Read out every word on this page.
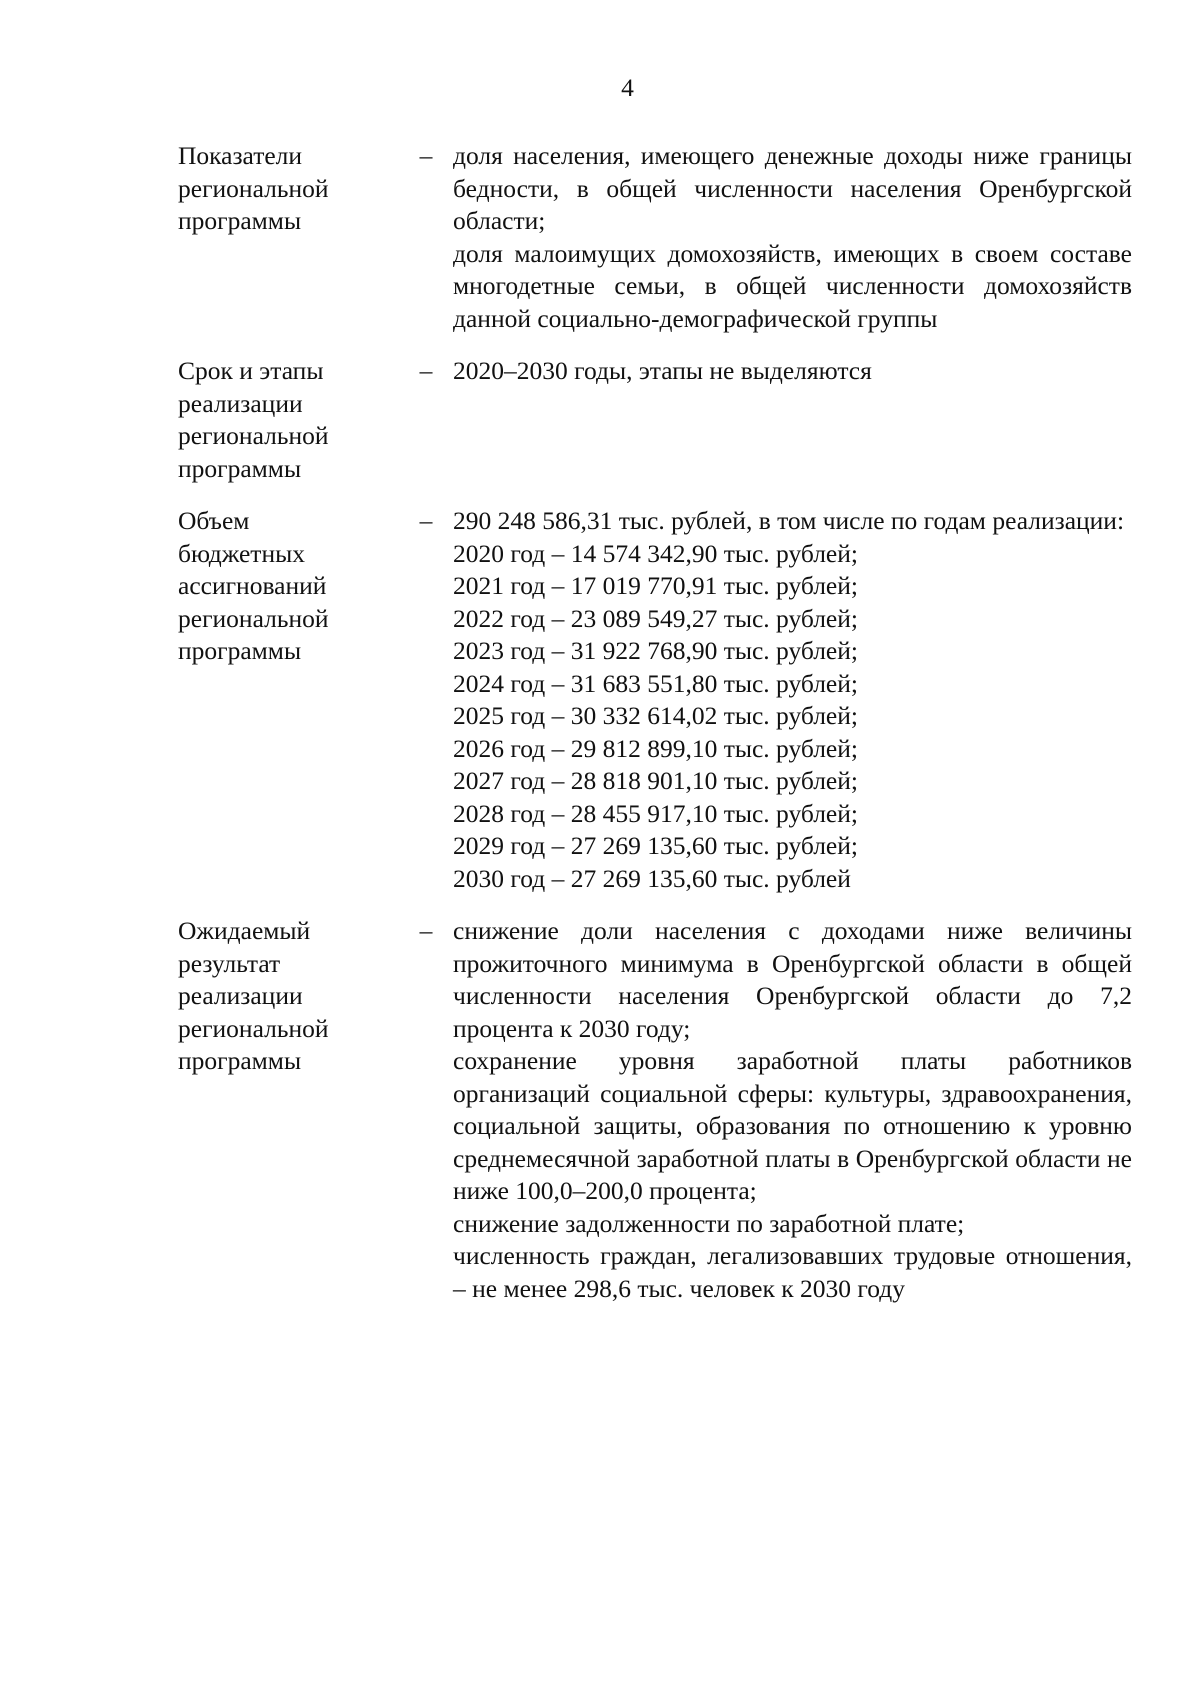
4
Показатели
региональной
программы
– доля населения, имеющего денежные доходы ниже границы бедности, в общей численности населения Оренбургской области;

доля малоимущих домохозяйств, имеющих в своем составе многодетные семьи, в общей численности домохозяйств данной социально-демографической группы

Срок и этапы
реализации
региональной
программы
– 2020–2030 годы, этапы не выделяются

Объем
бюджетных
ассигнований
региональной
программы
– 290 248 586,31 тыс. рублей, в том числе по годам реализации:

2020 год – 14 574 342,90 тыс. рублей;
2021 год – 17 019 770,91 тыс. рублей;
2022 год – 23 089 549,27 тыс. рублей;
2023 год – 31 922 768,90 тыс. рублей;
2024 год – 31 683 551,80 тыс. рублей;
2025 год – 30 332 614,02 тыс. рублей;
2026 год – 29 812 899,10 тыс. рублей;
2027 год – 28 818 901,10 тыс. рублей;
2028 год – 28 455 917,10 тыс. рублей;
2029 год – 27 269 135,60 тыс. рублей;
2030 год – 27 269 135,60 тыс. рублей
Ожидаемый
результат
реализации
региональной
программы
– снижение доли населения с доходами ниже величины прожиточного минимума в Оренбургской области в общей численности населения Оренбургской области до 7,2 процента к 2030 году;

сохранение уровня заработной платы работников организаций социальной сферы: культуры, здравоохранения, социальной защиты, образования по отношению к уровню среднемесячной заработной платы в Оренбургской области не ниже 100,0–200,0 процента;

снижение задолженности по заработной плате;

численность граждан, легализовавших трудовые отношения, – не менее 298,6 тыс. человек к 2030 году
